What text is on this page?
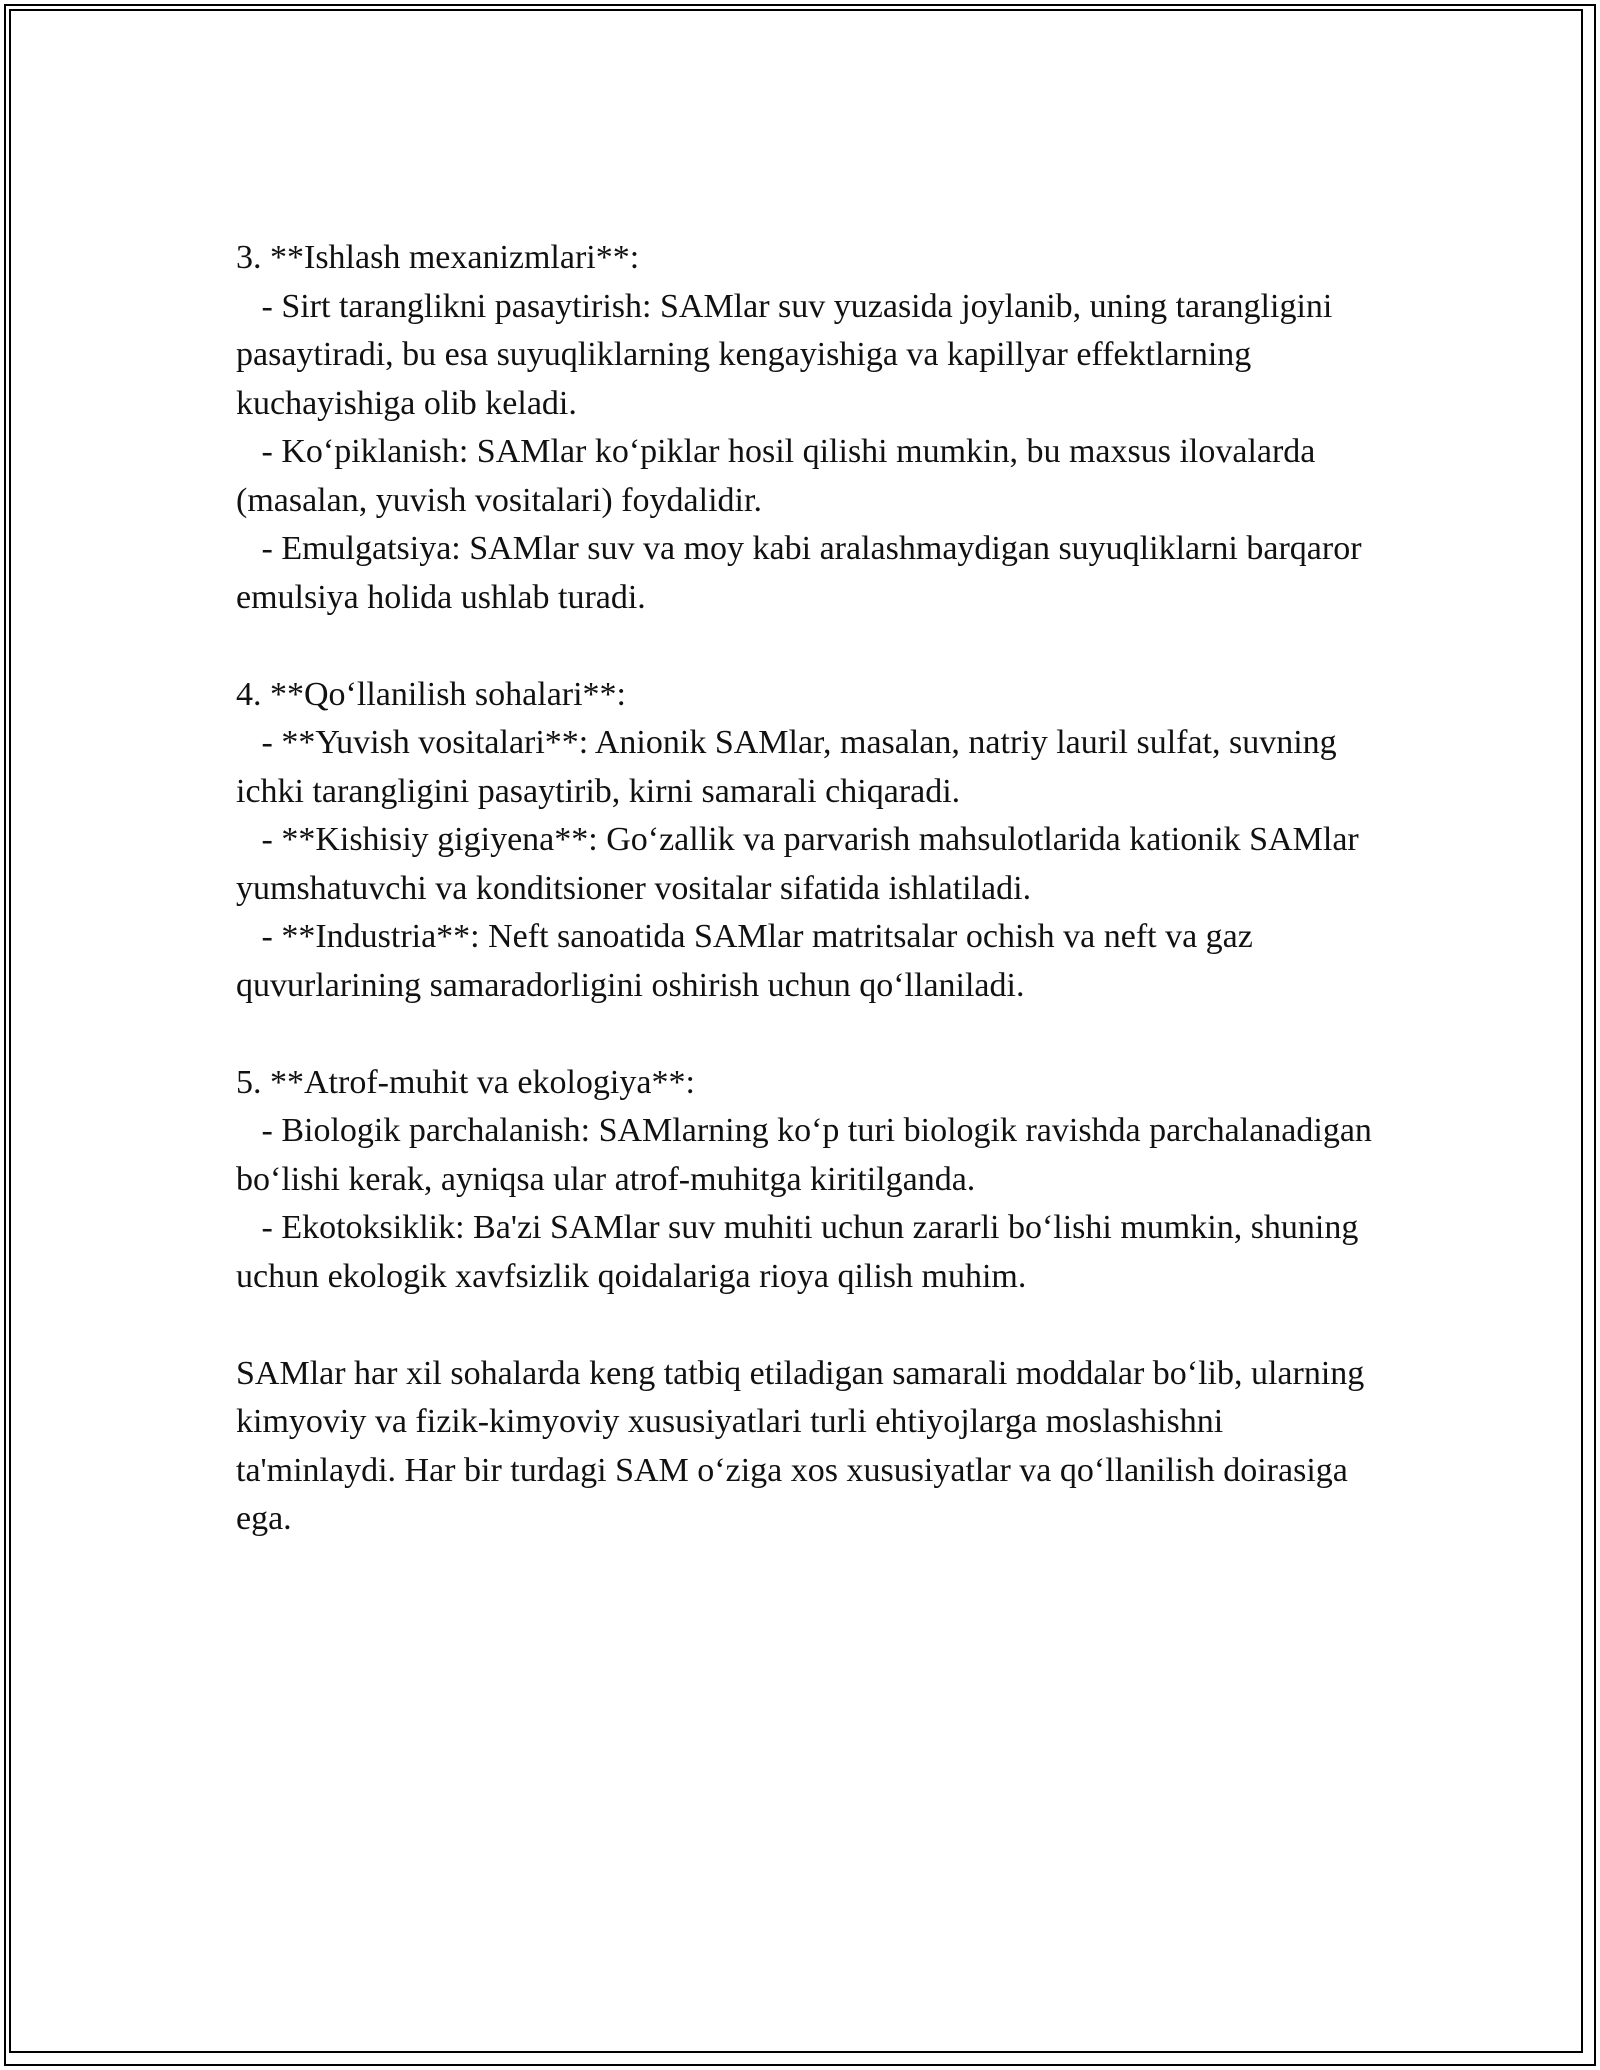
3. **Ishlash mexanizmlari**:

- Sirt taranglikni pasaytirish: SAMlar suv yuzasida joylanib, uning tarangligini pasaytiradi, bu esa suyuqliklarning kengayishiga va kapillyar effektlarning kuchayishiga olib keladi.

- Ko‘piklanish: SAMlar ko‘piklar hosil qilishi mumkin, bu maxsus ilovalarda (masalan, yuvish vositalari) foydalidir.

- Emulgatsiya: SAMlar suv va moy kabi aralashmaydigan suyuqliklarni barqaror emulsiya holida ushlab turadi.

4. **Qo‘llanilish sohalari**:

- **Yuvish vositalari**: Anionik SAMlar, masalan, natriy lauril sulfat, suvning ichki tarangligini pasaytirib, kirni samarali chiqaradi.

- **Kishisiy gigiyena**: Go‘zallik va parvarish mahsulotlarida kationik SAMlar yumshatuvchi va konditsioner vositalar sifatida ishlatiladi.

- **Industria**: Neft sanoatida SAMlar matritsalar ochish va neft va gaz quvurlarining samaradorligini oshirish uchun qo‘llaniladi.

5. **Atrof-muhit va ekologiya**:

- Biologik parchalanish: SAMlarning ko‘p turi biologik ravishda parchalanadigan bo‘lishi kerak, ayniqsa ular atrof-muhitga kiritilganda.

- Ekotoksiklik: Ba'zi SAMlar suv muhiti uchun zararli bo‘lishi mumkin, shuning uchun ekologik xavfsizlik qoidalariga rioya qilish muhim.

SAMlar har xil sohalarda keng tatbiq etiladigan samarali moddalar bo‘lib, ularning kimyoviy va fizik-kimyoviy xususiyatlari turli ehtiyojlarga moslashishni ta'minlaydi. Har bir turdagi SAM o‘ziga xos xususiyatlar va qo‘llanilish doirasiga ega.
